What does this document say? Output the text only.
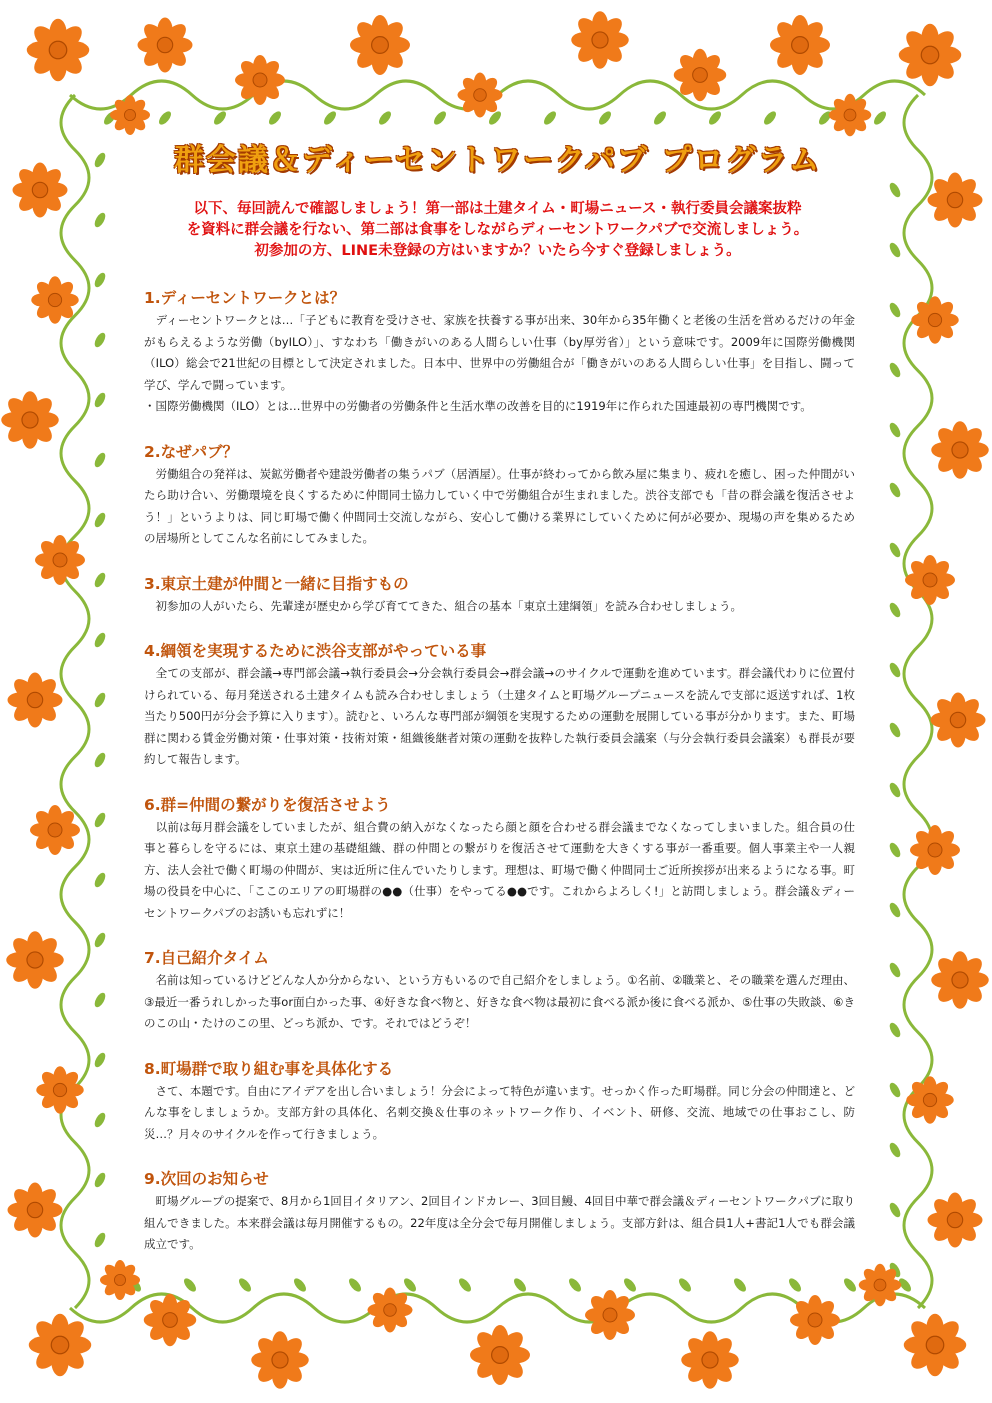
群会議＆ディーセントワークパブ プログラム
以下、毎回読んで確認しましょう！第一部は土建タイム・町場ニュース・執行委員会議案抜粋
を資料に群会議を行ない、第二部は食事をしながらディーセントワークパブで交流しましょう。
初参加の方、LINE未登録の方はいますか？いたら今すぐ登録しましょう。
1.ディーセントワークとは？

　ディーセントワークとは…「子どもに教育を受けさせ、家族を扶養する事が出来、30年から35年働くと老後の生活を営めるだけの年金がもらえるような労働（byILO）」、すなわち「働きがいのある人間らしい仕事（by厚労省）」という意味です。2009年に国際労働機関（ILO）総会で21世紀の目標として決定されました。日本中、世界中の労働組合が「働きがいのある人間らしい仕事」を目指し、闘って学び、学んで闘っています。

・国際労働機関（ILO）とは…世界中の労働者の労働条件と生活水準の改善を目的に1919年に作られた国連最初の専門機関です。

2.なぜパブ？

　労働組合の発祥は、炭鉱労働者や建設労働者の集うパブ（居酒屋）。仕事が終わってから飲み屋に集まり、疲れを癒し、困った仲間がいたら助け合い、労働環境を良くするために仲間同士協力していく中で労働組合が生まれました。渋谷支部でも「昔の群会議を復活させよう！」というよりは、同じ町場で働く仲間同士交流しながら、安心して働ける業界にしていくために何が必要か、現場の声を集めるための居場所としてこんな名前にしてみました。

3.東京土建が仲間と一緒に目指すもの

　初参加の人がいたら、先輩達が歴史から学び育ててきた、組合の基本「東京土建綱領」を読み合わせしましょう。

4.綱領を実現するために渋谷支部がやっている事

　全ての支部が、群会議→専門部会議→執行委員会→分会執行委員会→群会議→のサイクルで運動を進めています。群会議代わりに位置付けられている、毎月発送される土建タイムも読み合わせしましょう（土建タイムと町場グループニュースを読んで支部に返送すれば、1枚当たり500円が分会予算に入ります）。読むと、いろんな専門部が綱領を実現するための運動を展開している事が分かります。また、町場群に関わる賃金労働対策・仕事対策・技術対策・組織後継者対策の運動を抜粋した執行委員会議案（与分会執行委員会議案）も群長が要約して報告します。

6.群=仲間の繋がりを復活させよう

　以前は毎月群会議をしていましたが、組合費の納入がなくなったら顔と顔を合わせる群会議までなくなってしまいました。組合員の仕事と暮らしを守るには、東京土建の基礎組織、群の仲間との繋がりを復活させて運動を大きくする事が一番重要。個人事業主や一人親方、法人会社で働く町場の仲間が、実は近所に住んでいたりします。理想は、町場で働く仲間同士ご近所挨拶が出来るようになる事。町場の役員を中心に、「ここのエリアの町場群の●●（仕事）をやってる●●です。これからよろしく!」と訪問しましょう。群会議＆ディーセントワークパブのお誘いも忘れずに！

7.自己紹介タイム

　名前は知っているけどどんな人か分からない、という方もいるので自己紹介をしましょう。①名前、②職業と、その職業を選んだ理由、③最近一番うれしかった事or面白かった事、④好きな食べ物と、好きな食べ物は最初に食べる派か後に食べる派か、⑤仕事の失敗談、⑥きのこの山・たけのこの里、どっち派か、です。それではどうぞ！

8.町場群で取り組む事を具体化する

　さて、本題です。自由にアイデアを出し合いましょう！分会によって特色が違います。せっかく作った町場群。同じ分会の仲間達と、どんな事をしましょうか。支部方針の具体化、名刺交換＆仕事のネットワーク作り、イベント、研修、交流、地域での仕事おこし、防災…？月々のサイクルを作って行きましょう。

9.次回のお知らせ

　町場グループの提案で、8月から1回目イタリアン、2回目インドカレー、3回目鰻、4回目中華で群会議＆ディーセントワークパブに取り組んできました。本来群会議は毎月開催するもの。22年度は全分会で毎月開催しましょう。支部方針は、組合員1人+書記1人でも群会議成立です。
